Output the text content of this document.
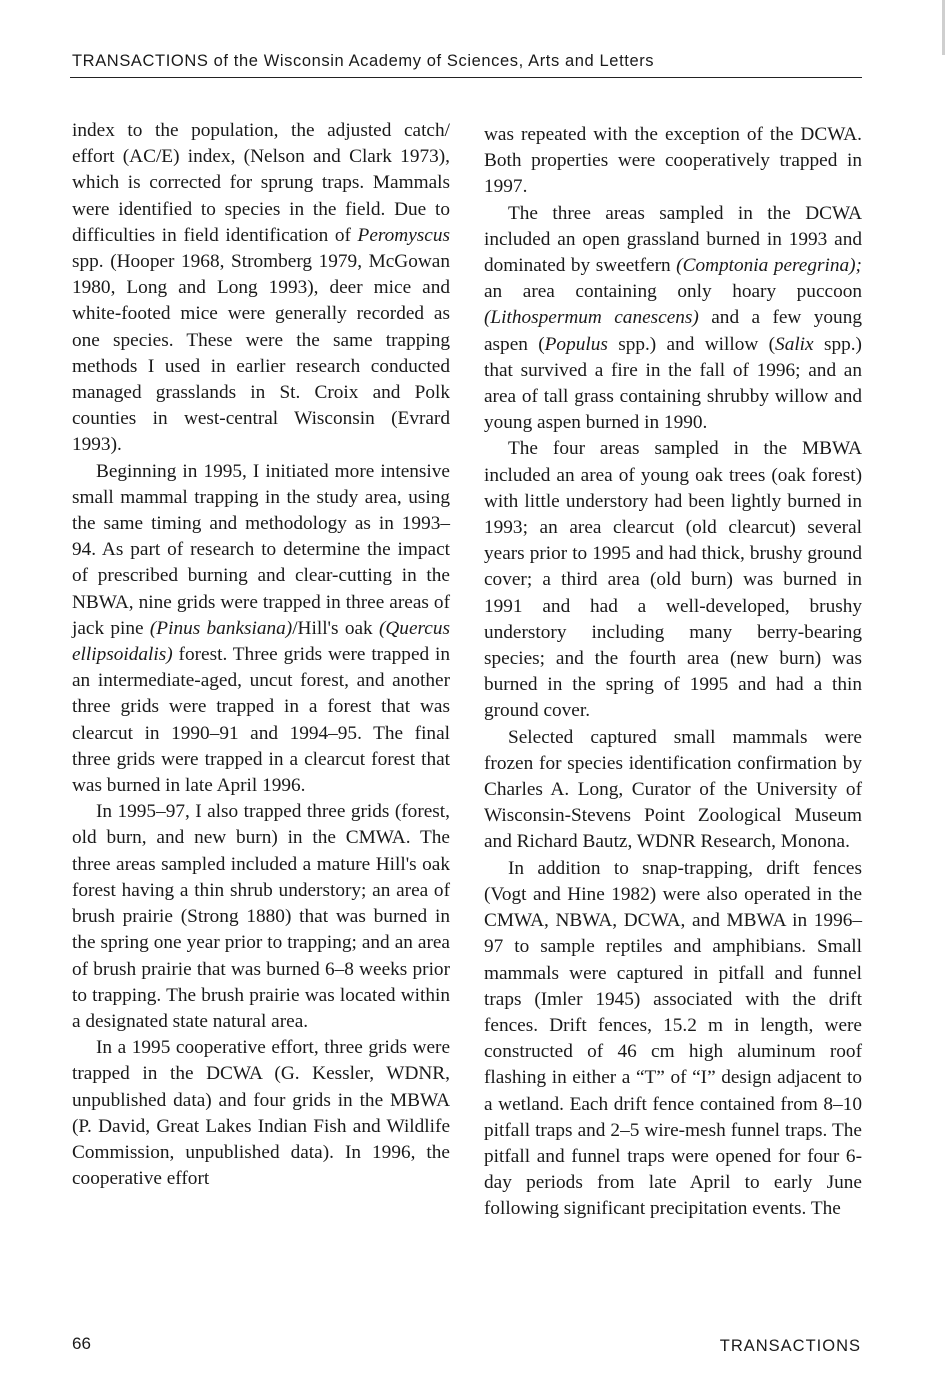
TRANSACTIONS of the Wisconsin Academy of Sciences, Arts and Letters

index to the population, the adjusted catch/ effort (AC/E) index, (Nelson and Clark 1973), which is corrected for sprung traps. Mammals were identified to species in the field. Due to difficulties in field identification of Peromyscus spp. (Hooper 1968, Stromberg 1979, McGowan 1980, Long and Long 1993), deer mice and white-footed mice were generally recorded as one species. These were the same trapping methods I used in earlier research conducted managed grasslands in St. Croix and Polk counties in west-central Wisconsin (Evrard 1993).

Beginning in 1995, I initiated more intensive small mammal trapping in the study area, using the same timing and methodology as in 1993–94. As part of research to determine the impact of prescribed burning and clear-cutting in the NBWA, nine grids were trapped in three areas of jack pine (Pinus banksiana)/Hill's oak (Quercus ellipsoidalis) forest. Three grids were trapped in an intermediate-aged, uncut forest, and another three grids were trapped in a forest that was clearcut in 1990–91 and 1994–95. The final three grids were trapped in a clearcut forest that was burned in late April 1996.

In 1995–97, I also trapped three grids (forest, old burn, and new burn) in the CMWA. The three areas sampled included a mature Hill's oak forest having a thin shrub understory; an area of brush prairie (Strong 1880) that was burned in the spring one year prior to trapping; and an area of brush prairie that was burned 6–8 weeks prior to trapping. The brush prairie was located within a designated state natural area.

In a 1995 cooperative effort, three grids were trapped in the DCWA (G. Kessler, WDNR, unpublished data) and four grids in the MBWA (P. David, Great Lakes Indian Fish and Wildlife Commission, unpublished data). In 1996, the cooperative effort

was repeated with the exception of the DCWA. Both properties were cooperatively trapped in 1997.

The three areas sampled in the DCWA included an open grassland burned in 1993 and dominated by sweetfern (Comptonia peregrina); an area containing only hoary puccoon (Lithospermum canescens) and a few young aspen (Populus spp.) and willow (Salix spp.) that survived a fire in the fall of 1996; and an area of tall grass containing shrubby willow and young aspen burned in 1990.

The four areas sampled in the MBWA included an area of young oak trees (oak forest) with little understory had been lightly burned in 1993; an area clearcut (old clearcut) several years prior to 1995 and had thick, brushy ground cover; a third area (old burn) was burned in 1991 and had a well-developed, brushy understory including many berry-bearing species; and the fourth area (new burn) was burned in the spring of 1995 and had a thin ground cover.

Selected captured small mammals were frozen for species identification confirmation by Charles A. Long, Curator of the University of Wisconsin-Stevens Point Zoological Museum and Richard Bautz, WDNR Research, Monona.

In addition to snap-trapping, drift fences (Vogt and Hine 1982) were also operated in the CMWA, NBWA, DCWA, and MBWA in 1996–97 to sample reptiles and amphibians. Small mammals were captured in pitfall and funnel traps (Imler 1945) associated with the drift fences. Drift fences, 15.2 m in length, were constructed of 46 cm high aluminum roof flashing in either a “T” of “I” design adjacent to a wetland. Each drift fence contained from 8–10 pitfall traps and 2–5 wire-mesh funnel traps. The pitfall and funnel traps were opened for four 6-day periods from late April to early June following significant precipitation events. The

66	TRANSACTIONS
